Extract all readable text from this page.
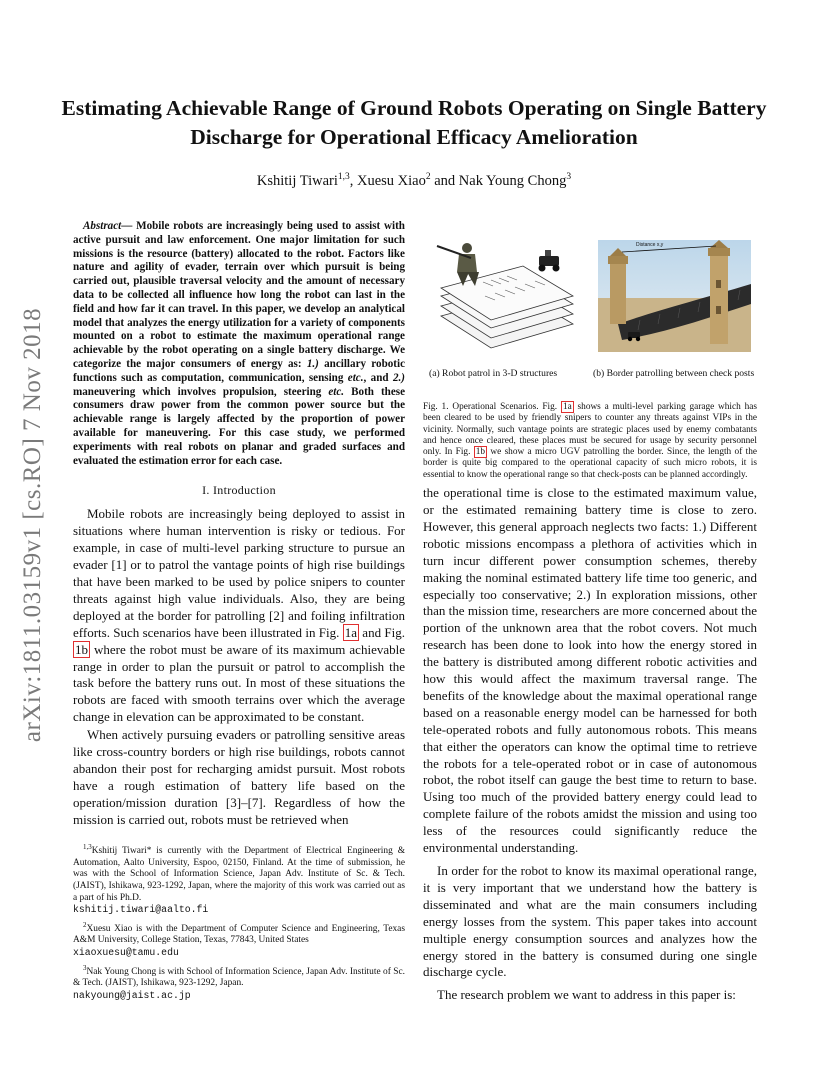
arXiv:1811.03159v1 [cs.RO] 7 Nov 2018
Estimating Achievable Range of Ground Robots Operating on Single Battery Discharge for Operational Efficacy Amelioration
Kshitij Tiwari$^{1,3}$, Xuesu Xiao$^2$ and Nak Young Chong$^3$

Abstract— Mobile robots are increasingly being used to assist with active pursuit and law enforcement. One major limitation for such missions is the resource (battery) allocated to the robot. Factors like nature and agility of evader, terrain over which pursuit is being carried out, plausible traversal velocity and the amount of necessary data to be collected all influence how long the robot can last in the field and how far it can travel. In this paper, we develop an analytical model that analyzes the energy utilization for a variety of components mounted on a robot to estimate the maximum operational range achievable by the robot operating on a single battery discharge. We categorize the major consumers of energy as: 1.) ancillary robotic functions such as computation, communication, sensing etc., and 2.) maneuvering which involves propulsion, steering etc. Both these consumers draw power from the common power source but the achievable range is largely affected by the proportion of power available for maneuvering. For this case study, we performed experiments with real robots on planar and graded surfaces and evaluated the estimation error for each case.

I. Introduction

Mobile robots are increasingly being deployed to assist in situations where human intervention is risky or tedious. For example, in case of multi-level parking structure to pursue an evader [1] or to patrol the vantage points of high rise buildings that have been marked to be used by police snipers to counter threats against high value individuals. Also, they are being deployed at the border for patrolling [2] and foiling infiltration efforts. Such scenarios have been illustrated in Fig. 1a and Fig. 1b where the robot must be aware of its maximum achievable range in order to plan the pursuit or patrol to accomplish the task before the battery runs out. In most of these situations the robots are faced with smooth terrains over which the average change in elevation can be approximated to be constant.

When actively pursuing evaders or patrolling sensitive areas like cross-country borders or high rise buildings, robots cannot abandon their post for recharging amidst pursuit. Most robots have a rough estimation of battery life based on the operation/mission duration [3]–[7]. Regardless of how the mission is carried out, robots must be retrieved when

$^{1,3}$Kshitij Tiwari* is currently with the Department of Electrical Engineering & Automation, Aalto University, Espoo, 02150, Finland. At the time of submission, he was with the School of Information Science, Japan Adv. Institute of Sc. & Tech. (JAIST), Ishikawa, 923-1292, Japan, where the majority of this work was carried out as a part of his Ph.D.
kshitij.tiwari@aalto.fi

$^2$Xuesu Xiao is with the Department of Computer Science and Engineering, Texas A&M University, College Station, Texas, 77843, United States
xiaoxuesu@tamu.edu

$^3$Nak Young Chong is with School of Information Science, Japan Adv. Institute of Sc. & Tech. (JAIST), Ishikawa, 923-1292, Japan.
nakyoung@jaist.ac.jp

Distance x,y
(a) Robot patrol in 3-D structures	(b) Border patrolling between check posts

Fig. 1. Operational Scenarios. Fig. 1a shows a multi-level parking garage which has been cleared to be used by friendly snipers to counter any threats against VIPs in the vicinity. Normally, such vantage points are strategic places used by enemy combatants and hence once cleared, these places must be secured for usage by security personnel only. In Fig. 1b we show a micro UGV patrolling the border. Since, the length of the border is quite big compared to the operational capacity of such micro robots, it is essential to know the operational range so that check-posts can be planned accordingly.

the operational time is close to the estimated maximum value, or the estimated remaining battery time is close to zero. However, this general approach neglects two facts: 1.) Different robotic missions encompass a plethora of activities which in turn incur different power consumption schemes, thereby making the nominal estimated battery life time too generic, and especially too conservative; 2.) In exploration missions, other than the mission time, researchers are more concerned about the portion of the unknown area that the robot covers. Not much research has been done to look into how the energy stored in the battery is distributed among different robotic activities and how this would affect the maximum traversal range. The benefits of the knowledge about the maximal operational range based on a reasonable energy model can be harnessed for both tele-operated robots and fully autonomous robots. This means that either the operators can know the optimal time to retrieve the robots for a tele-operated robot or in case of autonomous robot, the robot itself can gauge the best time to return to base. Using too much of the provided battery energy could lead to complete failure of the robots amidst the mission and using too less of the resources could significantly reduce the environmental understanding.

In order for the robot to know its maximal operational range, it is very important that we understand how the battery is disseminated and what are the main consumers including energy losses from the system. This paper takes into account multiple energy consumption sources and analyzes how the energy stored in the battery is consumed during one single discharge cycle.

The research problem we want to address in this paper is:
